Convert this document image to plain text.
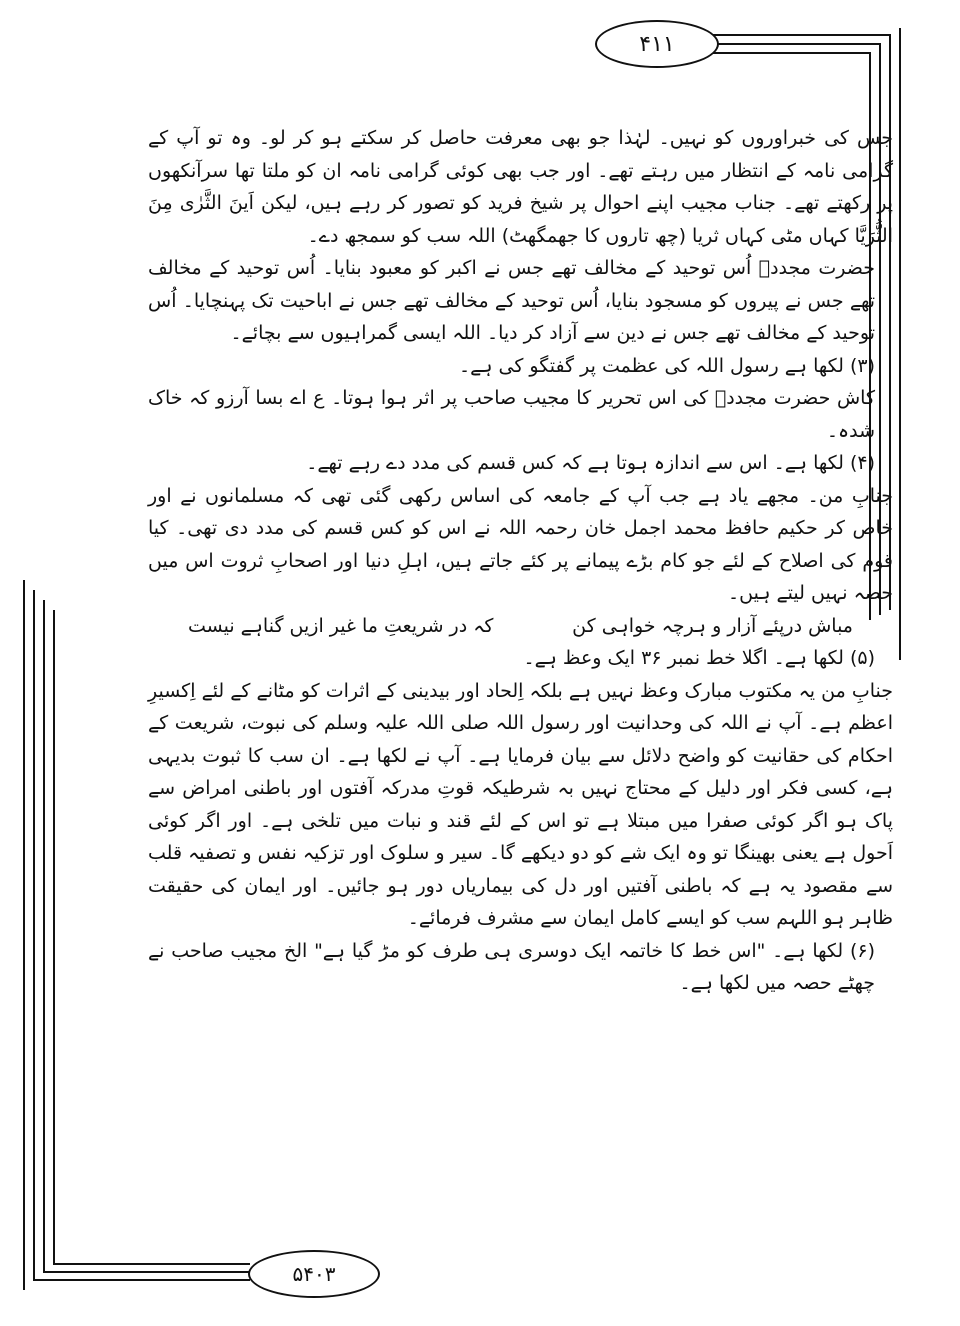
۴۱۱
۵۴۰۳

جس کی خبراوروں کو نہیں۔ لہٰذا جو بھی معرفت حاصل کر سکتے ہو کر لو۔ وہ تو آپ کے گرامی نامہ کے انتظار میں رہتے تھے۔ اور جب بھی کوئی گرامی نامہ ان کو ملتا تھا سرآنکھوں پر رکھتے تھے۔ جناب مجیب اپنے احوال پر شیخ فرید کو تصور کر رہے ہیں، لیکن اَینَ الثَّرٰی مِنَ الثُّرَیَّا کہاں مٹی کہاں ثریا (چھ تاروں کا جھمگھٹ) اللہ سب کو سمجھ دے۔

حضرت مجددؒ اُس توحید کے مخالف تھے جس نے اکبر کو معبود بنایا۔ اُس توحید کے مخالف تھے جس نے پیروں کو مسجود بنایا، اُس توحید کے مخالف تھے جس نے اباحیت تک پہنچایا۔ اُس توحید کے مخالف تھے جس نے دین سے آزاد کر دیا۔ اللہ ایسی گمراہیوں سے بچائے۔

(۳) لکھا ہے رسول اللہ کی عظمت پر گفتگو کی ہے۔

کاش حضرت مجددؒ کی اس تحریر کا مجیب صاحب پر اثر ہوا ہوتا۔ ع اے بسا آرزو کہ خاک شدہ۔

(۴) لکھا ہے۔ اس سے اندازہ ہوتا ہے کہ کس قسم کی مدد دے رہے تھے۔

جنابِ من۔ مجھے یاد ہے جب آپ کے جامعہ کی اساس رکھی گئی تھی کہ مسلمانوں نے اور خاص کر حکیم حافظ محمد اجمل خان رحمہ اللہ نے اس کو کس قسم کی مدد دی تھی۔ کیا قوم کی اصلاح کے لئے جو کام بڑے پیمانے پر کئے جاتے ہیں، اہلِ دنیا اور اصحابِ ثروت اس میں حصہ نہیں لیتے ہیں۔

مباش درپئے آزار و ہرچہ خواہی کن
کہ در شریعتِ ما غیر ازیں گناہے نیست

(۵) لکھا ہے۔ اگلا خط نمبر ۳۶ ایک وعظ ہے۔

جنابِ من یہ مکتوب مبارک وعظ نہیں ہے بلکہ اِلحاد اور بیدینی کے اثرات کو مٹانے کے لئے اِکسیرِ اعظم ہے۔ آپ نے اللہ کی وحدانیت اور رسول اللہ صلی اللہ علیہ وسلم کی نبوت، شریعت کے احکام کی حقانیت کو واضح دلائل سے بیان فرمایا ہے۔ آپ نے لکھا ہے۔ ان سب کا ثبوت بدیہی ہے، کسی فکر اور دلیل کے محتاج نہیں بہ شرطیکہ قوتِ مدرکہ آفتوں اور باطنی امراض سے پاک ہو اگر کوئی صفرا میں مبتلا ہے تو اس کے لئے قند و نبات میں تلخی ہے۔ اور اگر کوئی اَحول ہے یعنی بھینگا تو وہ ایک شے کو دو دیکھے گا۔ سیر و سلوک اور تزکیہ نفس و تصفیہ قلب سے مقصود یہ ہے کہ باطنی آفتیں اور دل کی بیماریاں دور ہو جائیں۔ اور ایمان کی حقیقت ظاہر ہو اللہم سب کو ایسے کامل ایمان سے مشرف فرمائے۔

(۶) لکھا ہے۔ "اس خط کا خاتمہ ایک دوسری ہی طرف کو مڑ گیا ہے" الخ مجیب صاحب نے چھٹے حصہ میں لکھا ہے۔
